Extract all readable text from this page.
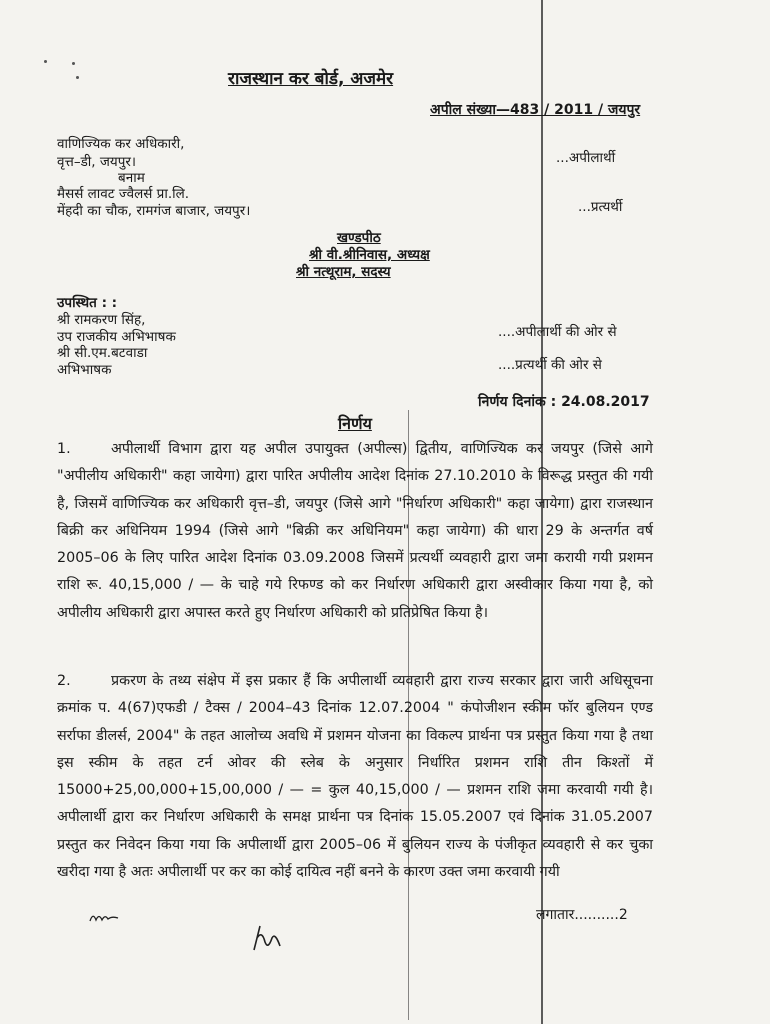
राजस्थान कर बोर्ड, अजमेर
अपील संख्या—483 / 2011 / जयपुर
वाणिज्यिक कर अधिकारी,
वृत्त–डी, जयपुर।	...अपीलार्थी
बनाम
मैसर्स लावट ज्वैलर्स प्रा.लि.
मेंहदी का चौक, रामगंज बाजार, जयपुर।	...प्रत्यर्थी
खण्डपीठ
श्री वी.श्रीनिवास, अध्यक्ष
श्री नत्थूराम, सदस्य
उपस्थित : :
श्री रामकरण सिंह,
उप राजकीय अभिभाषक	....अपीलार्थी की ओर से
श्री सी.एम.बटवाडा
अभिभाषक	....प्रत्यर्थी की ओर से
निर्णय दिनांक : 24.08.2017
निर्णय
1.	अपीलार्थी विभाग द्वारा यह अपील उपायुक्त (अपील्स) द्वितीय, वाणिज्यिक कर जयपुर (जिसे आगे "अपीलीय अधिकारी" कहा जायेगा) द्वारा पारित अपीलीय आदेश दिनांक 27.10.2010 के विरूद्ध प्रस्तुत की गयी है, जिसमें वाणिज्यिक कर अधिकारी वृत्त–डी, जयपुर (जिसे आगे "निर्धारण अधिकारी" कहा जायेगा) द्वारा राजस्थान बिक्री कर अधिनियम 1994 (जिसे आगे "बिक्री कर अधिनियम" कहा जायेगा) की धारा 29 के अन्तर्गत वर्ष 2005–06 के लिए पारित आदेश दिनांक 03.09.2008 जिसमें प्रत्यर्थी व्यवहारी द्वारा जमा करायी गयी प्रशमन राशि रू. 40,15,000 / — के चाहे गये रिफण्ड को कर निर्धारण अधिकारी द्वारा अस्वीकार किया गया है, को अपीलीय अधिकारी द्वारा अपास्त करते हुए निर्धारण अधिकारी को प्रतिप्रेषित किया है।
2.	प्रकरण के तथ्य संक्षेप में इस प्रकार हैं कि अपीलार्थी व्यवहारी द्वारा राज्य सरकार द्वारा जारी अधिसूचना क्रमांक प. 4(67)एफडी / टैक्स / 2004–43 दिनांक 12.07.2004 " कंपोजीशन स्कीम फॉर बुलियन एण्ड सर्राफा डीलर्स, 2004" के तहत आलोच्य अवधि में प्रशमन योजना का विकल्प प्रार्थना पत्र प्रस्तुत किया गया है तथा इस स्कीम के तहत टर्न ओवर की स्लेब के अनुसार निर्धारित प्रशमन राशि तीन किश्तों में 15000+25,00,000+15,00,000 / — = कुल 40,15,000 / — प्रशमन राशि जमा करवायी गयी है। अपीलार्थी द्वारा कर निर्धारण अधिकारी के समक्ष प्रार्थना पत्र दिनांक 15.05.2007 एवं दिनांक 31.05.2007 प्रस्तुत कर निवेदन किया गया कि अपीलार्थी द्वारा 2005–06 में बुलियन राज्य के पंजीकृत व्यवहारी से कर चुका खरीदा गया है अतः अपीलार्थी पर कर का कोई दायित्व नहीं बनने के कारण उक्त जमा करवायी गयी
लगातार..........2
